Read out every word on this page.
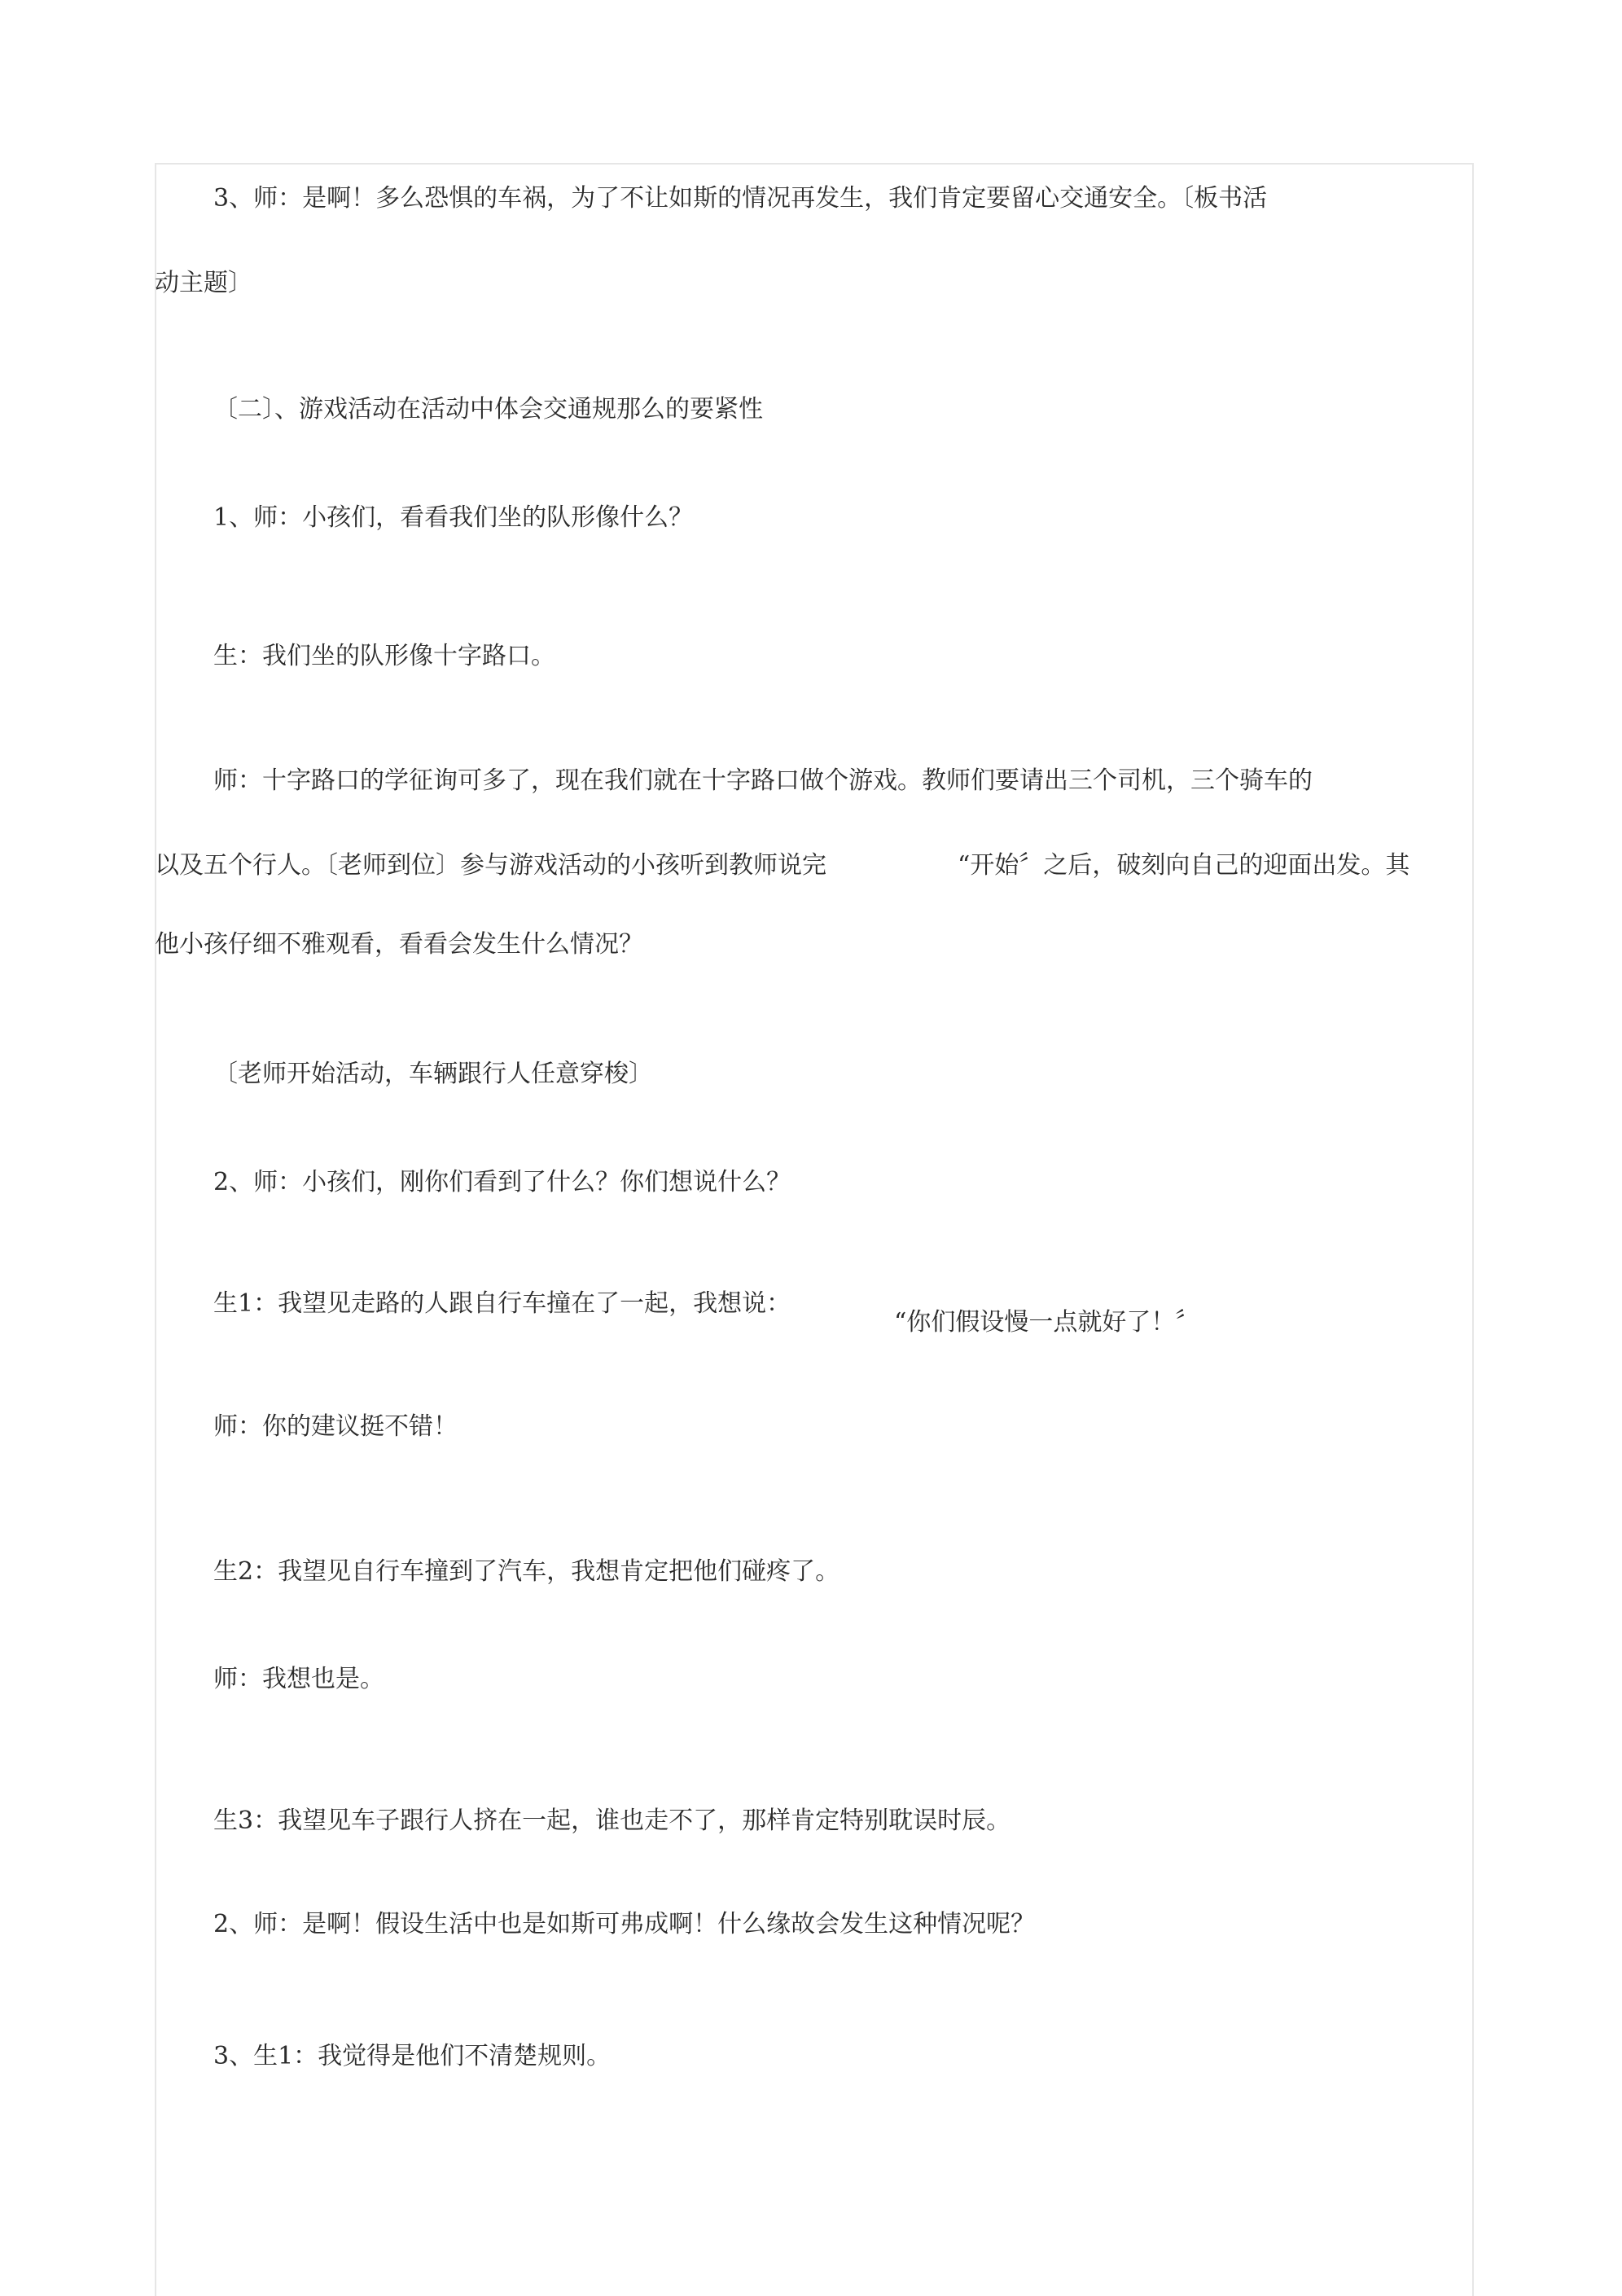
3、师：是啊！多么恐惧的车祸，为了不让如斯的情况再发生，我们肯定要留心交通安全。〔板书活
动主题〕
〔二〕、游戏活动在活动中体会交通规那么的要紧性
1、师：小孩们，看看我们坐的队形像什么？
生：我们坐的队形像十字路口。
师：十字路口的学征询可多了，现在我们就在十字路口做个游戏。教师们要请出三个司机，三个骑车的
以及五个行人。〔老师到位〕参与游戏活动的小孩听到教师说完	“开始〞之后，破刻向自己的迎面出发。其
他小孩仔细不雅观看，看看会发生什么情况？
〔老师开始活动，车辆跟行人任意穿梭〕
2、师：小孩们，刚你们看到了什么？你们想说什么？
生1：我望见走路的人跟自行车撞在了一起，我想说：
“你们假设慢一点就好了！〞
师：你的建议挺不错！
生2：我望见自行车撞到了汽车，我想肯定把他们碰疼了。
师：我想也是。
生3：我望见车子跟行人挤在一起，谁也走不了，那样肯定特别耽误时辰。
2、师：是啊！假设生活中也是如斯可弗成啊！什么缘故会发生这种情况呢？
3、生1：我觉得是他们不清楚规则。
